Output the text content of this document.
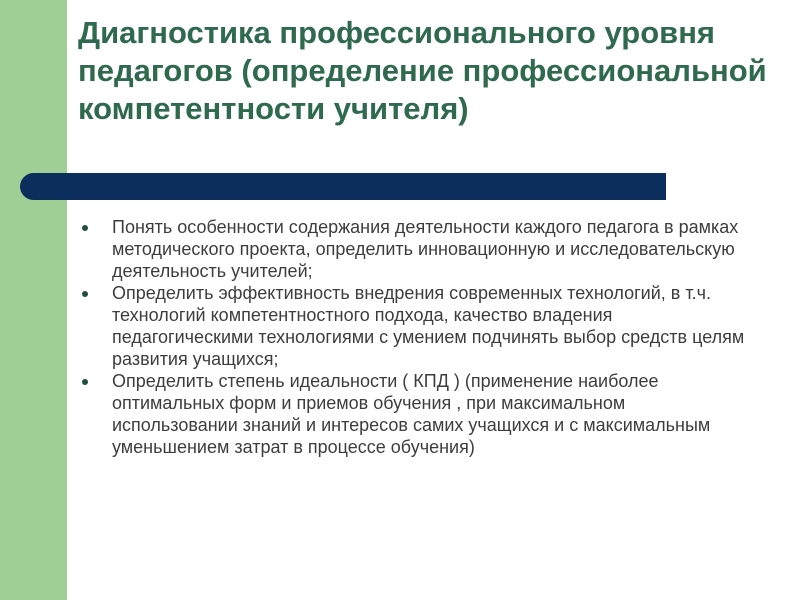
Диагностика профессионального уровня педагогов (определение профессиональной компетентности учителя)
Понять особенности содержания деятельности каждого педагога в рамках методического проекта, определить инновационную и исследовательскую деятельность учителей;
Определить эффективность внедрения современных технологий, в т.ч. технологий компетентностного подхода, качество владения педагогическими технологиями с умением подчинять выбор средств целям развития учащихся;
Определить степень идеальности ( КПД ) (применение наиболее оптимальных форм и приемов обучения , при максимальном использовании знаний и интересов самих учащихся и с максимальным уменьшением затрат в процессе обучения)
